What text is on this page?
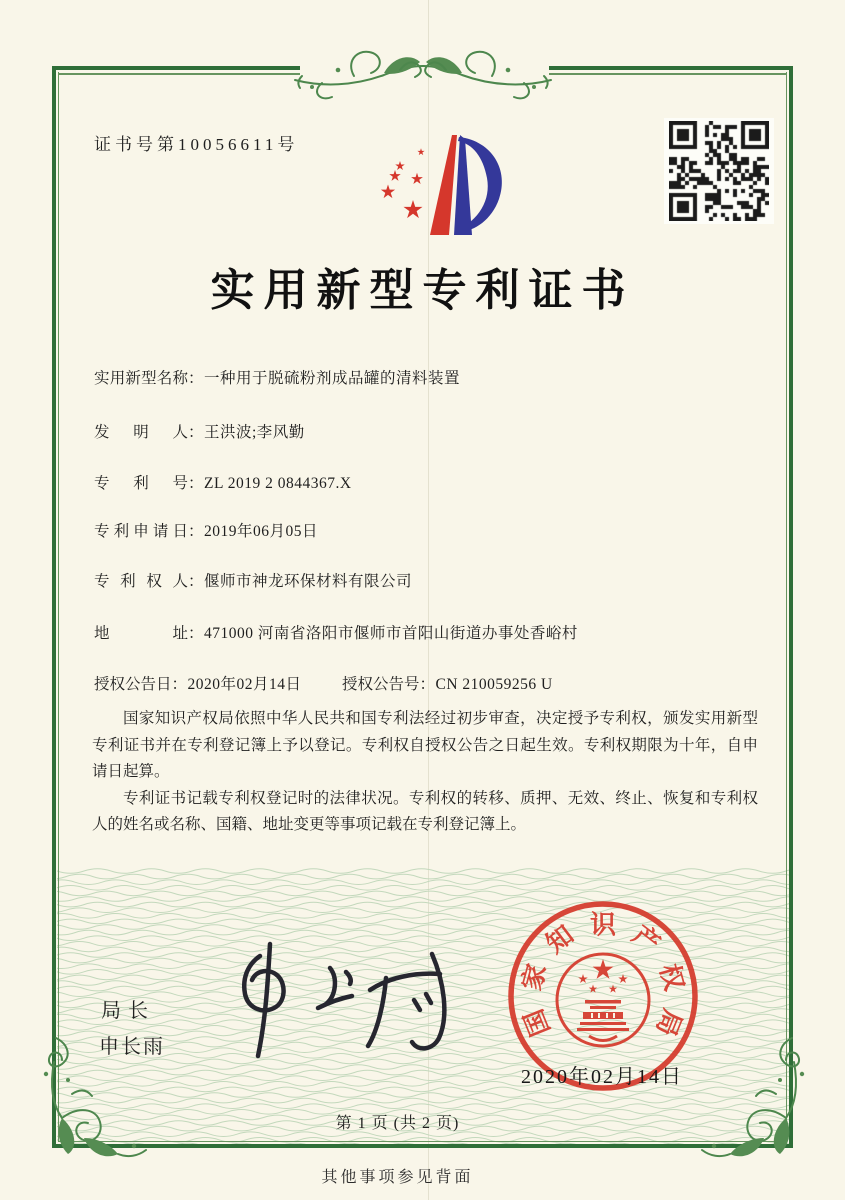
证书号第10056611号
实用新型专利证书
实用新型名称：一种用于脱硫粉剂成品罐的清料装置
发明人：王洪波;李风勤
专利号：ZL 2019 2 0844367.X
专利申请日：2019年06月05日
专利权人：偃师市神龙环保材料有限公司
地址：471000 河南省洛阳市偃师市首阳山街道办事处香峪村
授权公告日：2020年02月14日	授权公告号：CN 210059256 U

国家知识产权局依照中华人民共和国专利法经过初步审查，决定授予专利权，颁发实用新型专利证书并在专利登记簿上予以登记。专利权自授权公告之日起生效。专利权期限为十年，自申请日起算。

专利证书记载专利权登记时的法律状况。专利权的转移、质押、无效、终止、恢复和专利权人的姓名或名称、国籍、地址变更等事项记载在专利登记簿上。

局长
申长雨
国
家
知 识 产
权
局
2020年02月14日
第 1 页 (共 2 页)
其他事项参见背面
